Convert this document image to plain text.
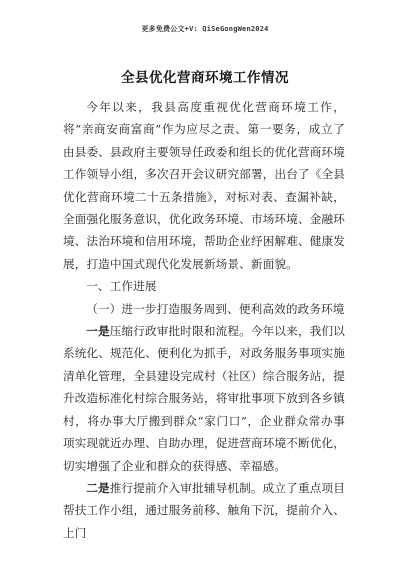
更多免费公文+V: QiSeGongWen2024
全县优化营商环境工作情况

今年以来，我县高度重视优化营商环境工作，将“亲商安商富商”作为应尽之责、第一要务，成立了由县委、县政府主要领导任政委和组长的优化营商环境工作领导小组，多次召开会议研究部署，出台了《全县优化营商环境二十五条措施》，对标对表、查漏补缺，全面强化服务意识，优化政务环境、市场环境、金融环境、法治环境和信用环境，帮助企业纾困解难、健康发展，打造中国式现代化发展新场景、新面貌。

一、工作进展

（一）进一步打造服务周到、便利高效的政务环境

一是压缩行政审批时限和流程。今年以来，我们以系统化、规范化、便利化为抓手，对政务服务事项实施清单化管理，全县建设完成村（社区）综合服务站，提升改造标准化村综合服务站，将审批事项下放到各乡镇村，将办事大厅搬到群众“家门口”，企业群众常办事项实现就近办理、自助办理，促进营商环境不断优化，切实增强了企业和群众的获得感、幸福感。

二是推行提前介入审批辅导机制。成立了重点项目帮扶工作小组，通过服务前移、触角下沉，提前介入、上门
